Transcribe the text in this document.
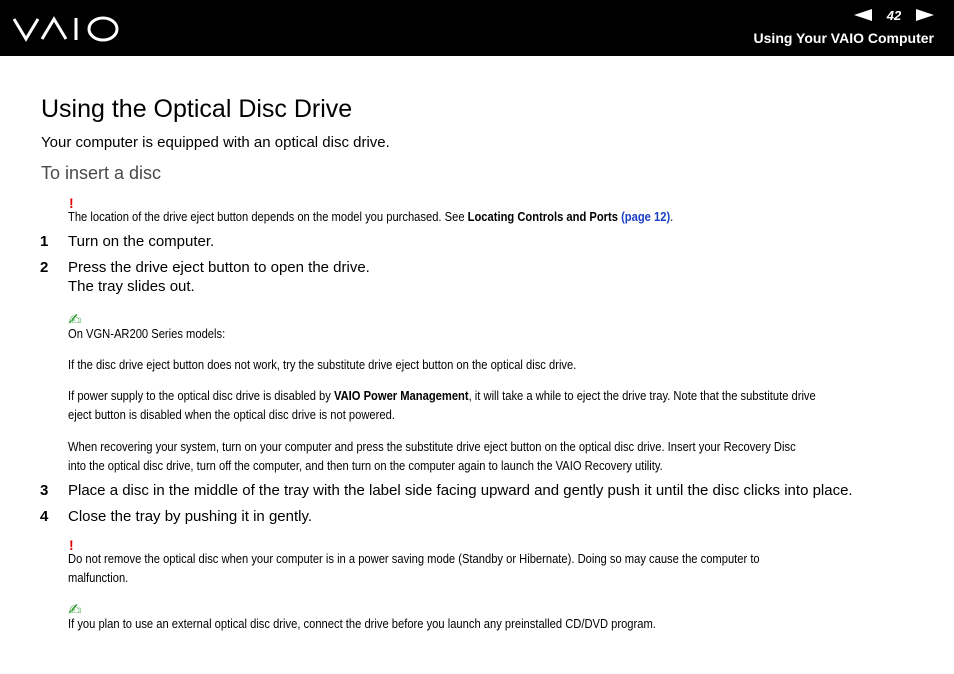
42
Using Your VAIO Computer
Using the Optical Disc Drive
Your computer is equipped with an optical disc drive.
To insert a disc
!
The location of the drive eject button depends on the model you purchased. See Locating Controls and Ports (page 12).
1 Turn on the computer.
2 Press the drive eject button to open the drive.
The tray slides out.
✍
On VGN-AR200 Series models:
If the disc drive eject button does not work, try the substitute drive eject button on the optical disc drive.
If power supply to the optical disc drive is disabled by VAIO Power Management, it will take a while to eject the drive tray. Note that the substitute drive
eject button is disabled when the optical disc drive is not powered.
When recovering your system, turn on your computer and press the substitute drive eject button on the optical disc drive. Insert your Recovery Disc
into the optical disc drive, turn off the computer, and then turn on the computer again to launch the VAIO Recovery utility.
3 Place a disc in the middle of the tray with the label side facing upward and gently push it until the disc clicks into place.
4 Close the tray by pushing it in gently.
!
Do not remove the optical disc when your computer is in a power saving mode (Standby or Hibernate). Doing so may cause the computer to
malfunction.
✍
If you plan to use an external optical disc drive, connect the drive before you launch any preinstalled CD/DVD program.
